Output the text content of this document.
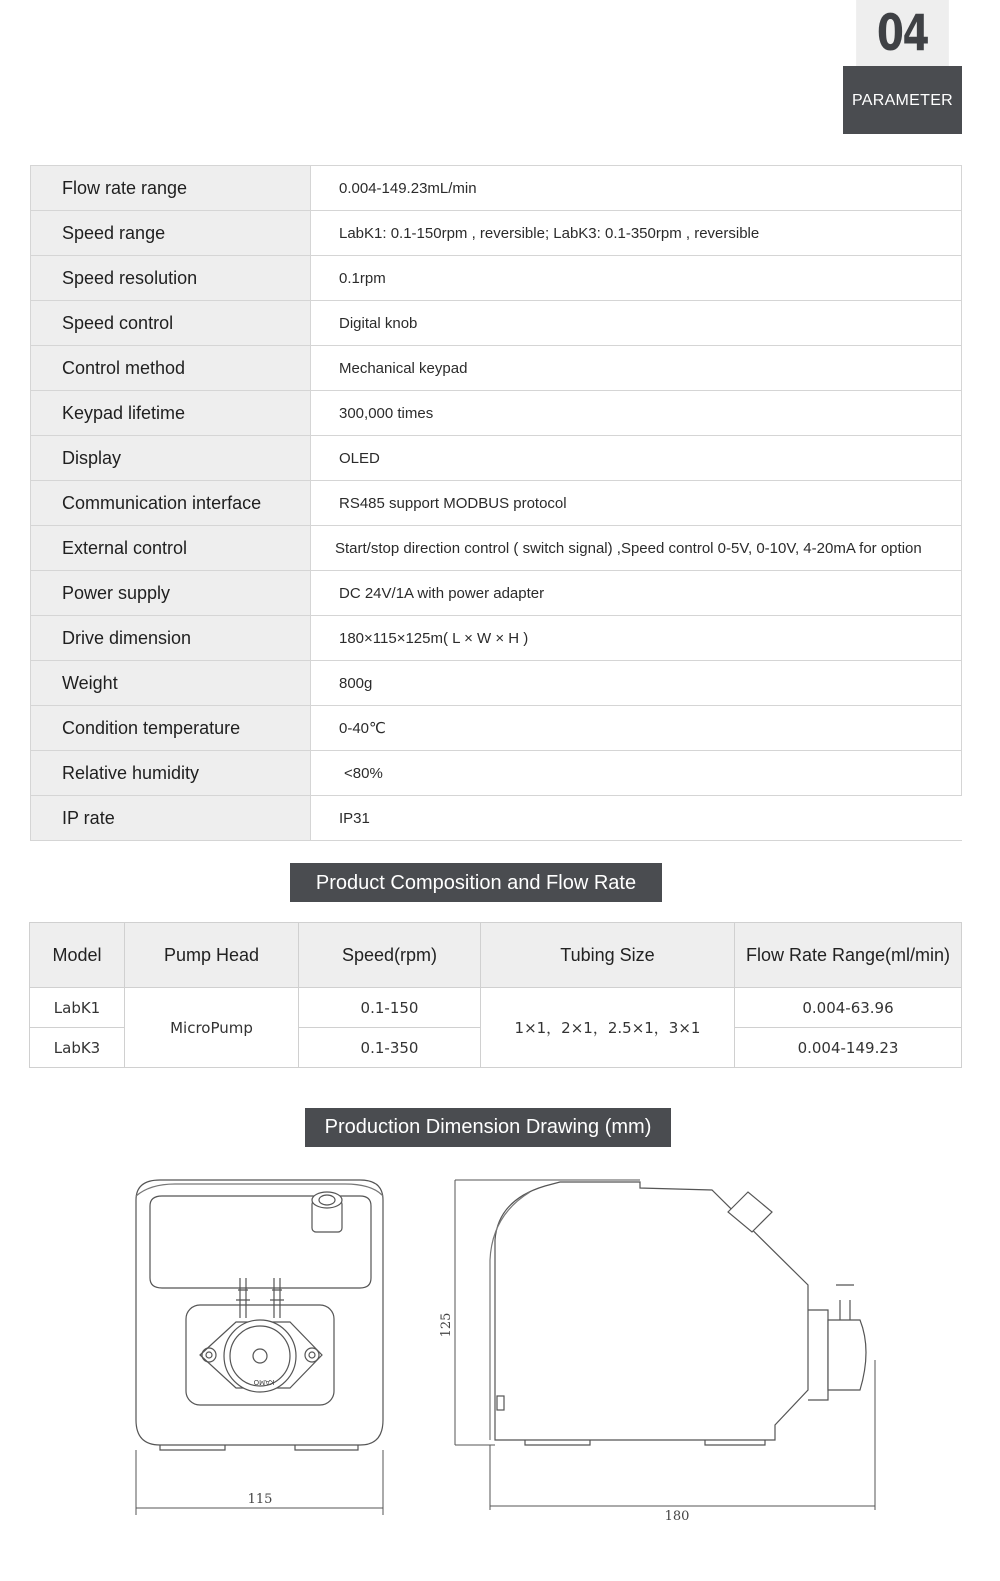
04
PARAMETER
Flow rate range	0.004-149.23mL/min
Speed range	LabK1: 0.1-150rpm , reversible; LabK3: 0.1-350rpm , reversible
Speed resolution	0.1rpm
Speed control	Digital knob
Control method	Mechanical keypad
Keypad lifetime	300,000 times
Display	OLED
Communication interface	RS485 support MODBUS protocol
External control	Start/stop direction control ( switch signal) ,Speed control 0-5V, 0-10V, 4-20mA for option
Power supply	DC 24V/1A with power adapter
Drive dimension	180×115×125m( L × W × H )
Weight	800g
Condition temperature	0-40℃
Relative humidity	<80%
IP rate	IP31
Product Composition and Flow Rate
Model	Pump Head	Speed(rpm)	Tubing Size	Flow Rate Range(ml/min)
LabK1	MicroPump	0.1-150	1×1，2×1，2.5×1，3×1	0.004-63.96
LabK3		0.1-350		0.004-149.23
Production Dimension Drawing (mm)
115
125
180
KAMO
